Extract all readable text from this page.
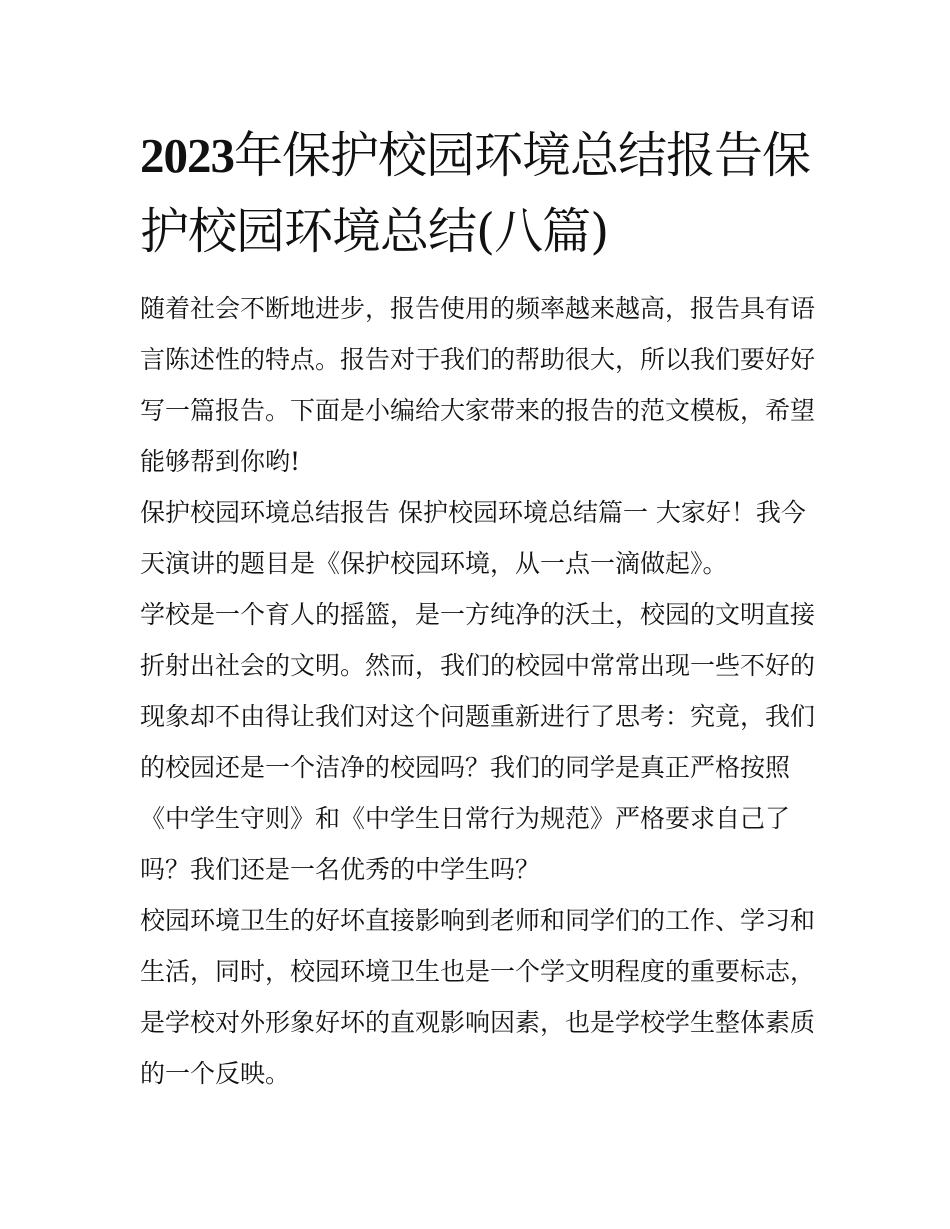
2023年保护校园环境总结报告保护校园环境总结(八篇)

随着社会不断地进步，报告使用的频率越来越高，报告具有语言陈述性的特点。报告对于我们的帮助很大，所以我们要好好写一篇报告。下面是小编给大家带来的报告的范文模板，希望能够帮到你哟!

保护校园环境总结报告 保护校园环境总结篇一 大家好！我今天演讲的题目是《保护校园环境，从一点一滴做起》。

学校是一个育人的摇篮，是一方纯净的沃土，校园的文明直接折射出社会的文明。然而，我们的校园中常常出现一些不好的现象却不由得让我们对这个问题重新进行了思考：究竟，我们的校园还是一个洁净的校园吗？我们的同学是真正严格按照《中学生守则》和《中学生日常行为规范》严格要求自己了吗？我们还是一名优秀的中学生吗？

校园环境卫生的好坏直接影响到老师和同学们的工作、学习和生活，同时，校园环境卫生也是一个学文明程度的重要标志，是学校对外形象好坏的直观影响因素，也是学校学生整体素质的一个反映。
